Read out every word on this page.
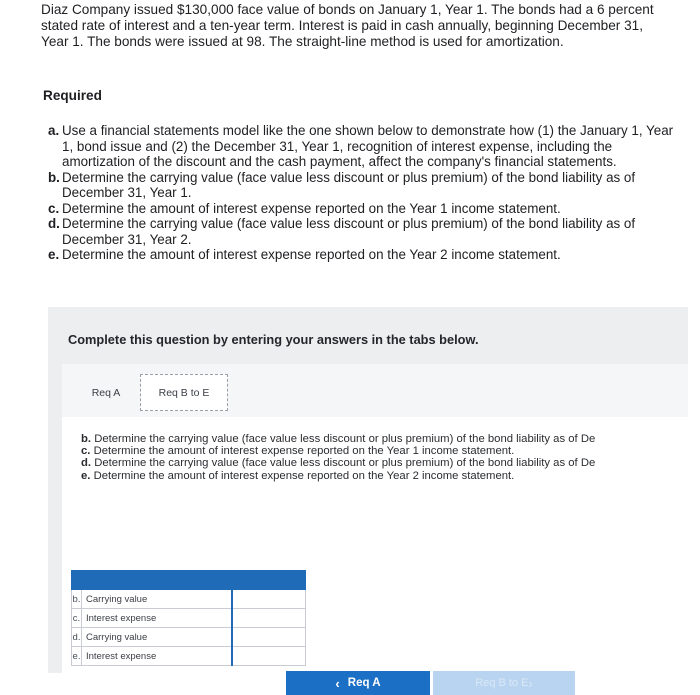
Diaz Company issued $130,000 face value of bonds on January 1, Year 1. The bonds had a 6 percent stated rate of interest and a ten-year term. Interest is paid in cash annually, beginning December 31, Year 1. The bonds were issued at 98. The straight-line method is used for amortization.

Required

a. Use a financial statements model like the one shown below to demonstrate how (1) the January 1, Year 1, bond issue and (2) the December 31, Year 1, recognition of interest expense, including the amortization of the discount and the cash payment, affect the company's financial statements.
b. Determine the carrying value (face value less discount or plus premium) of the bond liability as of December 31, Year 1.
c. Determine the amount of interest expense reported on the Year 1 income statement.
d. Determine the carrying value (face value less discount or plus premium) of the bond liability as of December 31, Year 2.
e. Determine the amount of interest expense reported on the Year 2 income statement.

Complete this question by entering your answers in the tabs below.

Req A	Req B to E
b. Determine the carrying value (face value less discount or plus premium) of the bond liability as of De
c. Determine the amount of interest expense reported on the Year 1 income statement.
d. Determine the carrying value (face value less discount or plus premium) of the bond liability as of De
e. Determine the amount of interest expense reported on the Year 2 income statement.

b.	Carrying value	
c.	Interest expense	
d.	Carrying value	
e.	Interest expense	
‹ Req A	Req B to E ›
